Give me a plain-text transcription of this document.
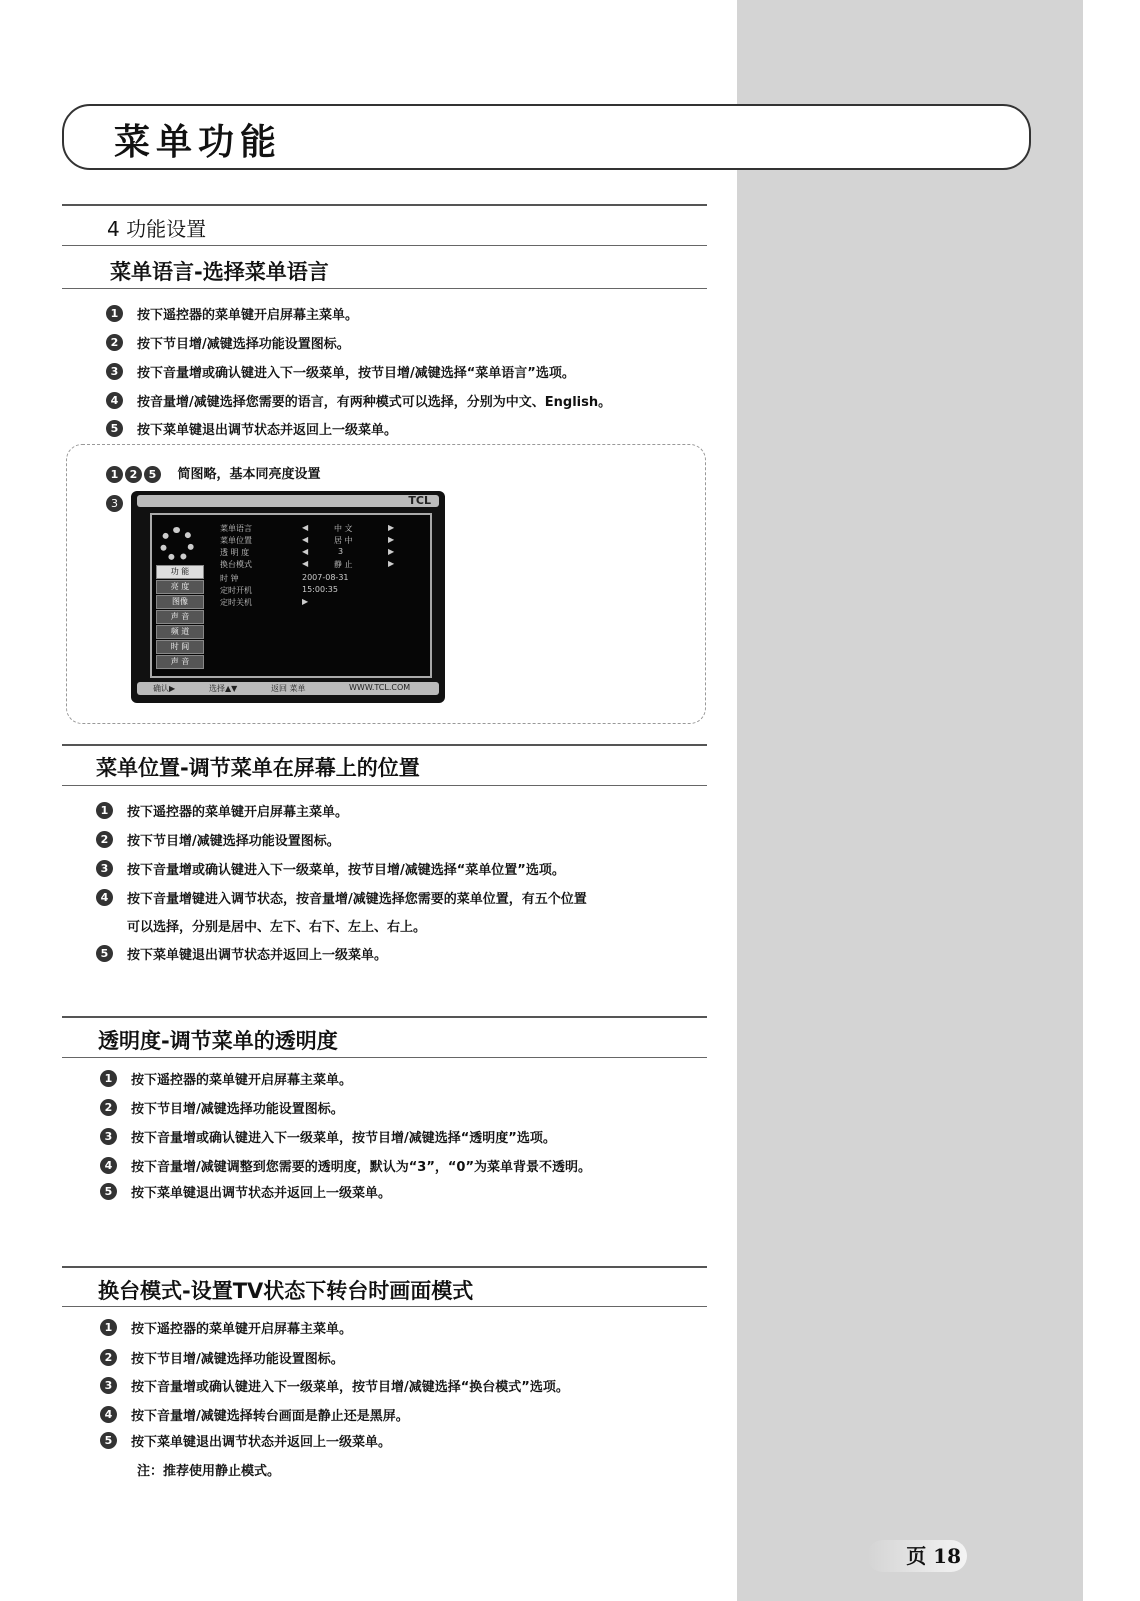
菜单功能
4 功能设置
菜单语言-选择菜单语言
1 按下遥控器的菜单键开启屏幕主菜单。
2 按下节目增/减键选择功能设置图标。
3 按下音量增或确认键进入下一级菜单，按节目增/减键选择“菜单语言”选项。
4 按音量增/减键选择您需要的语言，有两种模式可以选择，分别为中文、English。
5 按下菜单键退出调节状态并返回上一级菜单。
1 2 5 简图略，基本同亮度设置
3	TCL
功 能
亮 度
图像
声 音
频 道
时 间
声 音
菜单语言	◀	中 文	▶
菜单位置	◀	居 中	▶
透 明 度	◀	3	▶
换台模式	◀	静 止	▶
时 钟	2007-08-31
定时开机	15:00:35
定时关机	▶
确认▶	选择▲▼	返回 菜单	WWW.TCL.COM
菜单位置-调节菜单在屏幕上的位置
1 按下遥控器的菜单键开启屏幕主菜单。
2 按下节目增/减键选择功能设置图标。
3 按下音量增或确认键进入下一级菜单，按节目增/减键选择“菜单位置”选项。
4 按下音量增键进入调节状态，按音量增/减键选择您需要的菜单位置，有五个位置
可以选择，分别是居中、左下、右下、左上、右上。
5 按下菜单键退出调节状态并返回上一级菜单。
透明度-调节菜单的透明度
1 按下遥控器的菜单键开启屏幕主菜单。
2 按下节目增/减键选择功能设置图标。
3 按下音量增或确认键进入下一级菜单，按节目增/减键选择“透明度”选项。
4 按下音量增/减键调整到您需要的透明度，默认为“3”，“0”为菜单背景不透明。
5 按下菜单键退出调节状态并返回上一级菜单。
换台模式-设置TV状态下转台时画面模式
1 按下遥控器的菜单键开启屏幕主菜单。
2 按下节目增/减键选择功能设置图标。
3 按下音量增或确认键进入下一级菜单，按节目增/减键选择“换台模式”选项。
4 按下音量增/减键选择转台画面是静止还是黑屏。
5 按下菜单键退出调节状态并返回上一级菜单。
注：推荐使用静止模式。
页 18
